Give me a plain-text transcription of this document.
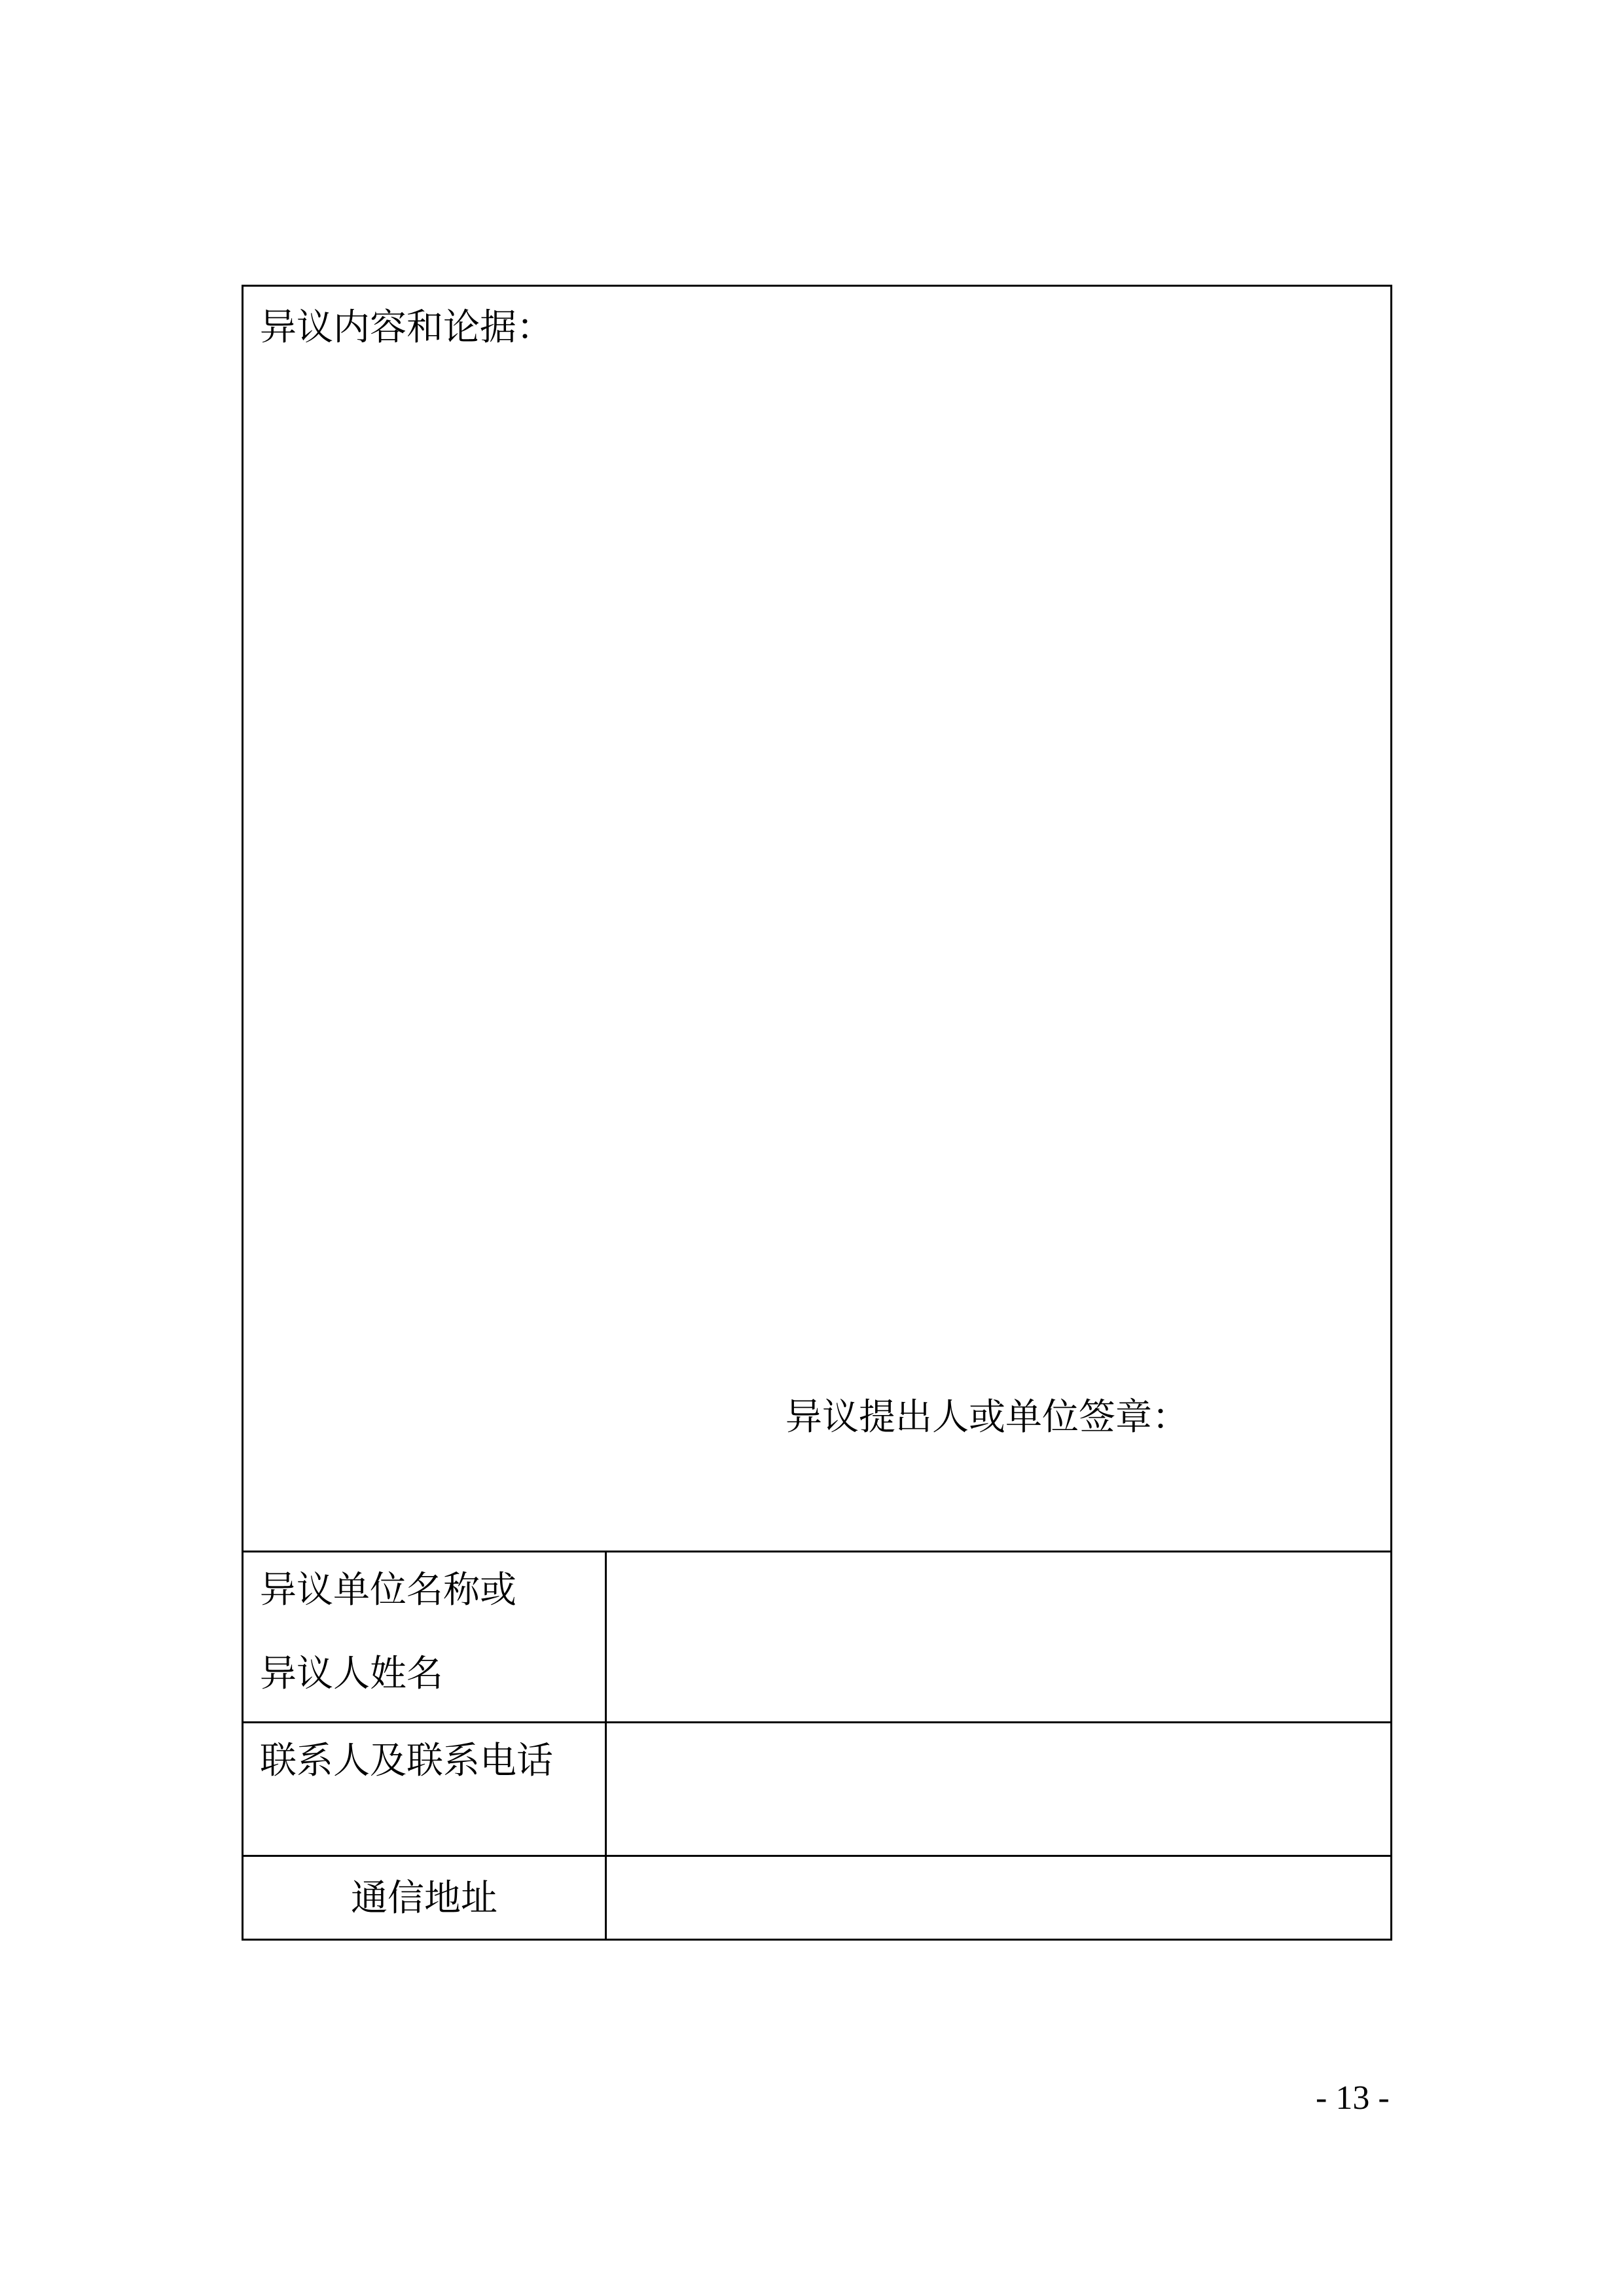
异议内容和论据：
异议提出人或单位签章：
异议单位名称或
异议人姓名
联系人及联系电话
通信地址
- 13 -
